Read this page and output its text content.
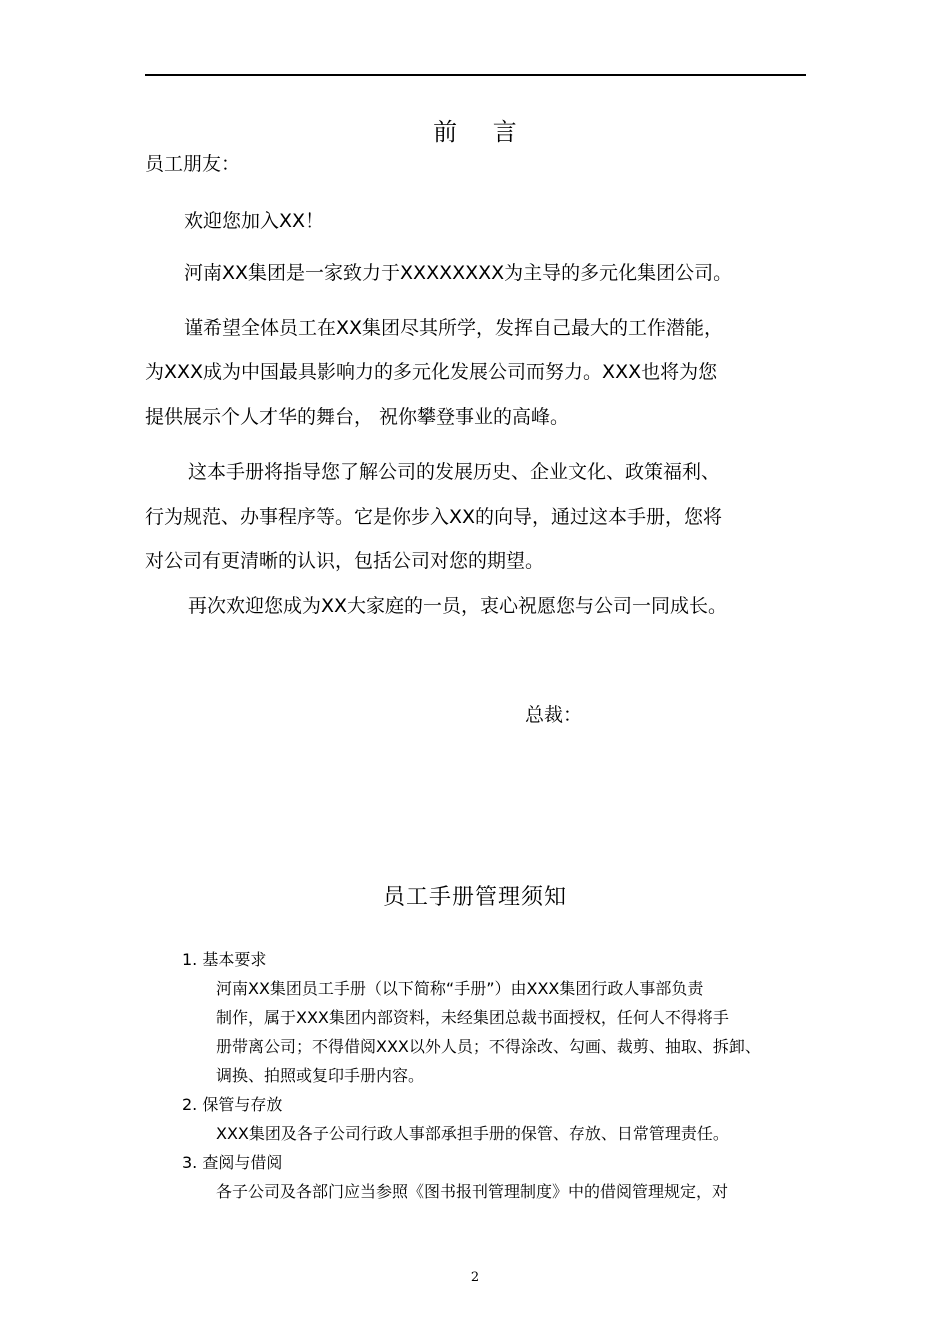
前 言
员工朋友：
欢迎您加入XX！
河南XX集团是一家致力于XXXXXXXX为主导的多元化集团公司。
谨希望全体员工在XX集团尽其所学，发挥自己最大的工作潜能，
为XXX成为中国最具影响力的多元化发展公司而努力。XXX也将为您
提供展示个人才华的舞台， 祝你攀登事业的高峰。
这本手册将指导您了解公司的发展历史、企业文化、政策福利、
行为规范、办事程序等。它是你步入XX的向导，通过这本手册，您将
对公司有更清晰的认识，包括公司对您的期望。
再次欢迎您成为XX大家庭的一员，衷心祝愿您与公司一同成长。
总裁：
员工手册管理须知
1. 基本要求
河南XX集团员工手册（以下简称“手册”）由XXX集团行政人事部负责
制作，属于XXX集团内部资料，未经集团总裁书面授权，任何人不得将手
册带离公司；不得借阅XXX以外人员；不得涂改、勾画、裁剪、抽取、拆卸、
调换、拍照或复印手册内容。
2. 保管与存放
XXX集团及各子公司行政人事部承担手册的保管、存放、日常管理责任。
3. 查阅与借阅
各子公司及各部门应当参照《图书报刊管理制度》中的借阅管理规定，对
2
